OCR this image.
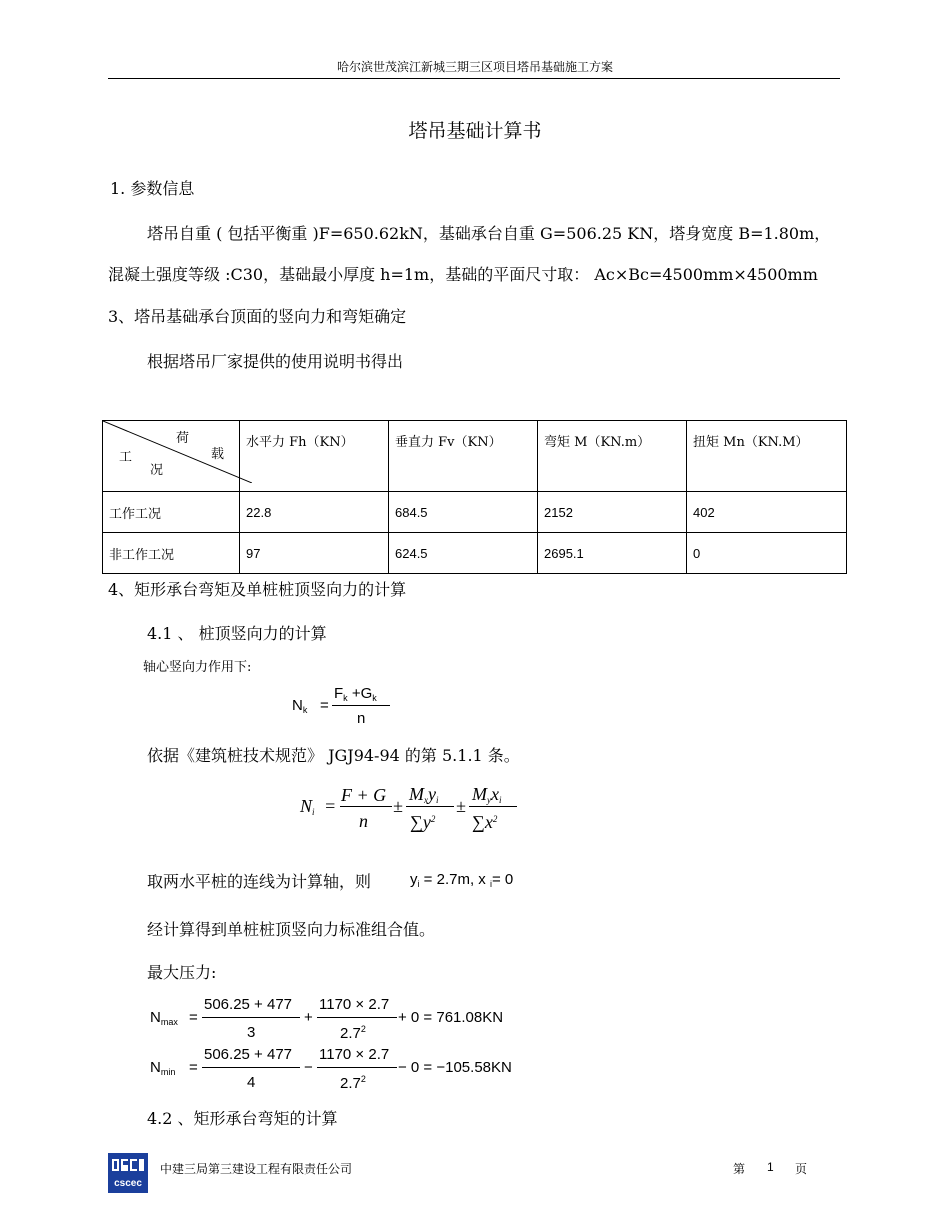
哈尔滨世茂滨江新城三期三区项目塔吊基础施工方案
塔吊基础计算书
1. 参数信息
塔吊自重 ( 包括平衡重 )F=650.62kN，基础承台自重 G=506.25 KN，塔身宽度 B=1.80m，
混凝土强度等级 :C30，基础最小厚度 h=1m，基础的平面尺寸取： Ac×Bc=4500mm×4500mm
3、塔吊基础承台顶面的竖向力和弯矩确定
根据塔吊厂家提供的使用说明书得出
荷
载
工
况	水平力 Fh（KN）	垂直力 Fv（KN）	弯矩 M（KN.m）	扭矩 Mn（KN.M）
工作工况	22.8	684.5	2152	402
非工作工况	97	624.5	2695.1	0
4、矩形承台弯矩及单桩桩顶竖向力的计算
4.1 、 桩顶竖向力的计算
轴心竖向力作用下:
$N_k$ =
$F_k +G_k$
n
依据《建筑桩技术规范》 JGJ94-94 的第 5.1.1 条。
$N_i$ =
F + G
n
±
$M_xy_i$
$\sum y^2$
±
$M_yx_i$
$\sum x^2$
取两水平桩的连线为计算轴，则	$y_i = 2.7m$, x $_i$= 0
经计算得到单桩桩顶竖向力标准组合值。
最大压力:
$N_{max}$ =
506.25 + 477
3
+
1170 × 2.7
$2.7^2$
+ 0 = 761.08KN
$N_{min}$ =
506.25 + 477
4
−
1170 × 2.7
$2.7^2$
− 0 = −105.58KN
4.2 、矩形承台弯矩的计算
cscec
中建三局第三建设工程有限责任公司	第 1 页
